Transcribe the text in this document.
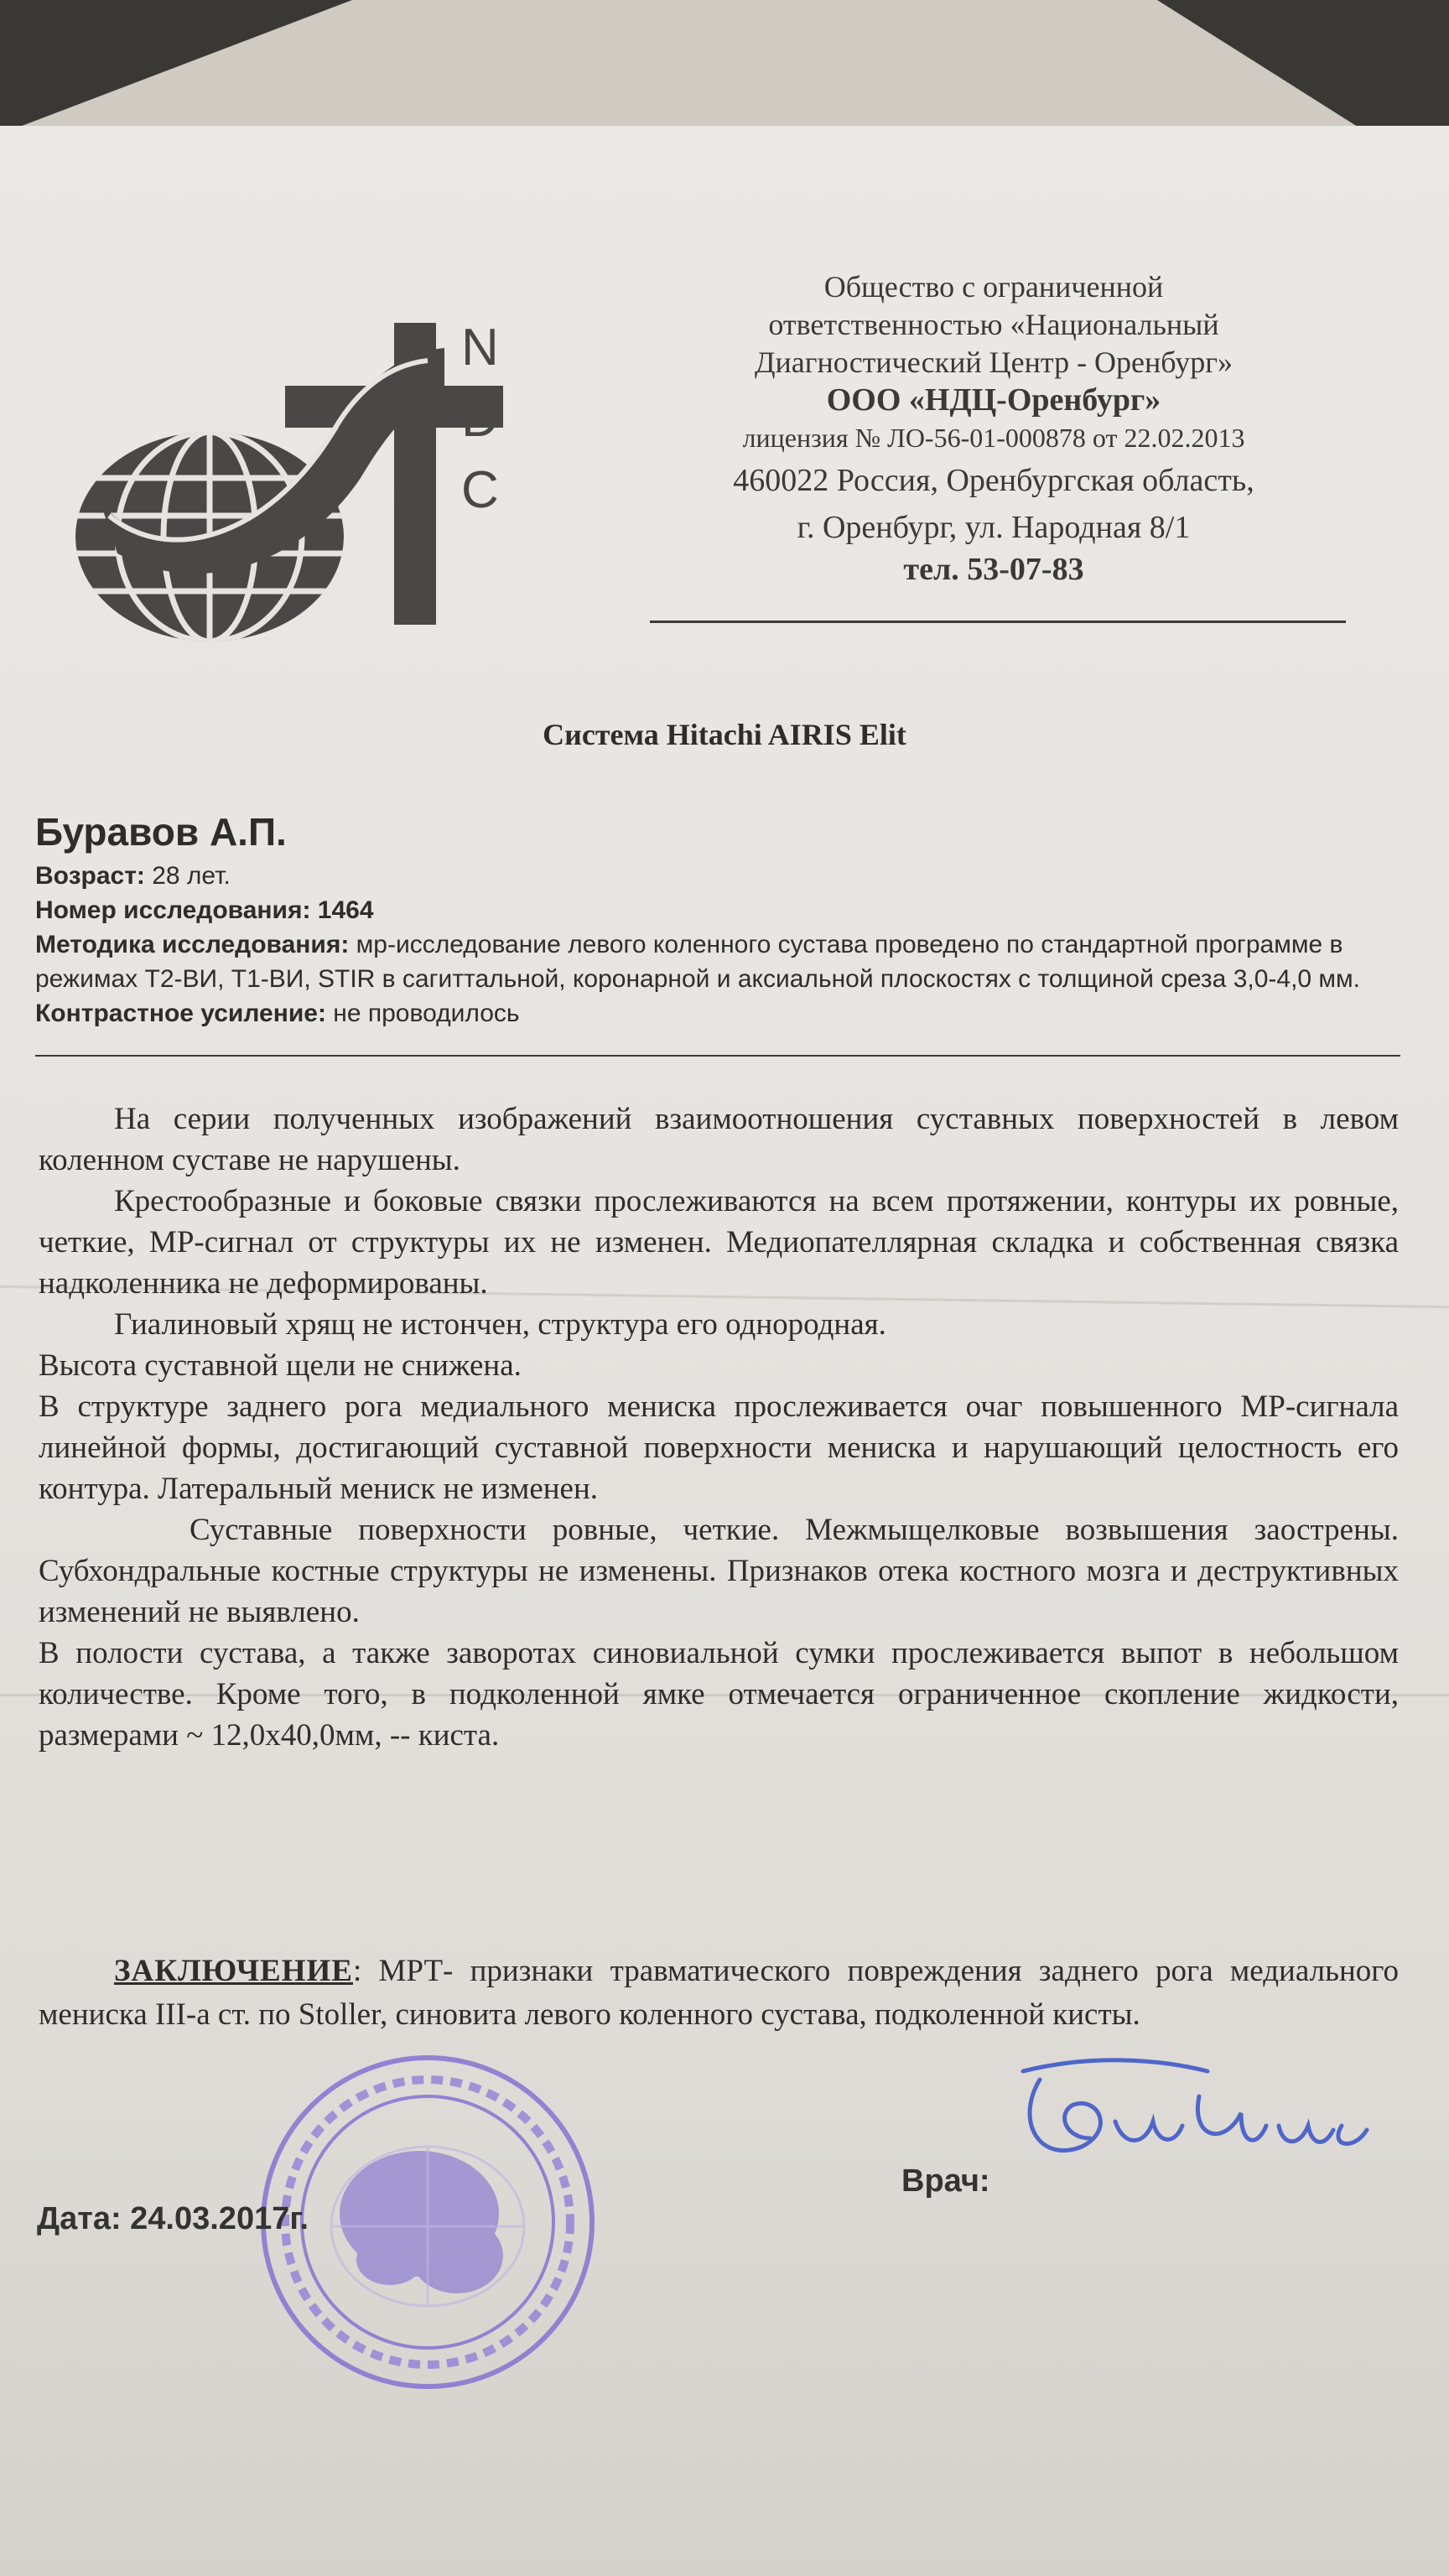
N
D
C
Общество с ограниченной
ответственностью «Национальный
Диагностический Центр - Оренбург»
ООО «НДЦ-Оренбург»
лицензия № ЛО-56-01-000878 от 22.02.2013
460022 Россия, Оренбургская область,
г. Оренбург, ул. Народная 8/1
тел. 53-07-83
Система Hitachi AIRIS Elit
Буравов А.П.
Возраст: 28 лет.
Номер исследования: 1464
Методика исследования: мр-исследование левого коленного сустава проведено по стандартной программе в режимах Т2-ВИ, Т1-ВИ, STIR в сагиттальной, коронарной и аксиальной плоскостях с толщиной среза 3,0-4,0 мм.
Контрастное усиление: не проводилось

На серии полученных изображений взаимоотношения суставных поверхностей в левом коленном суставе не нарушены.

Крестообразные и боковые связки прослеживаются на всем протяжении, контуры их ровные, четкие, МР-сигнал от структуры их не изменен. Медиопателлярная складка и собственная связка надколенника не деформированы.

Гиалиновый хрящ не истончен, структура его однородная.

Высота суставной щели не снижена.

В структуре заднего рога медиального мениска прослеживается очаг повышенного МР-сигнала линейной формы, достигающий суставной поверхности мениска и нарушающий целостность его контура. Латеральный мениск не изменен.

Суставные поверхности ровные, четкие. Межмыщелковые возвышения заострены. Субхондральные костные структуры не изменены. Признаков отека костного мозга и деструктивных изменений не выявлено.

В полости сустава, а также заворотах синовиальной сумки прослеживается выпот в небольшом количестве. Кроме того, в подколенной ямке отмечается ограниченное скопление жидкости, размерами ~ 12,0х40,0мм, -- киста.

ЗАКЛЮЧЕНИЕ: МРТ- признаки травматического повреждения заднего рога медиального мениска III-а ст. по Stoller, синовита левого коленного сустава, подколенной кисты.
Врач:
Дата: 24.03.2017г.
